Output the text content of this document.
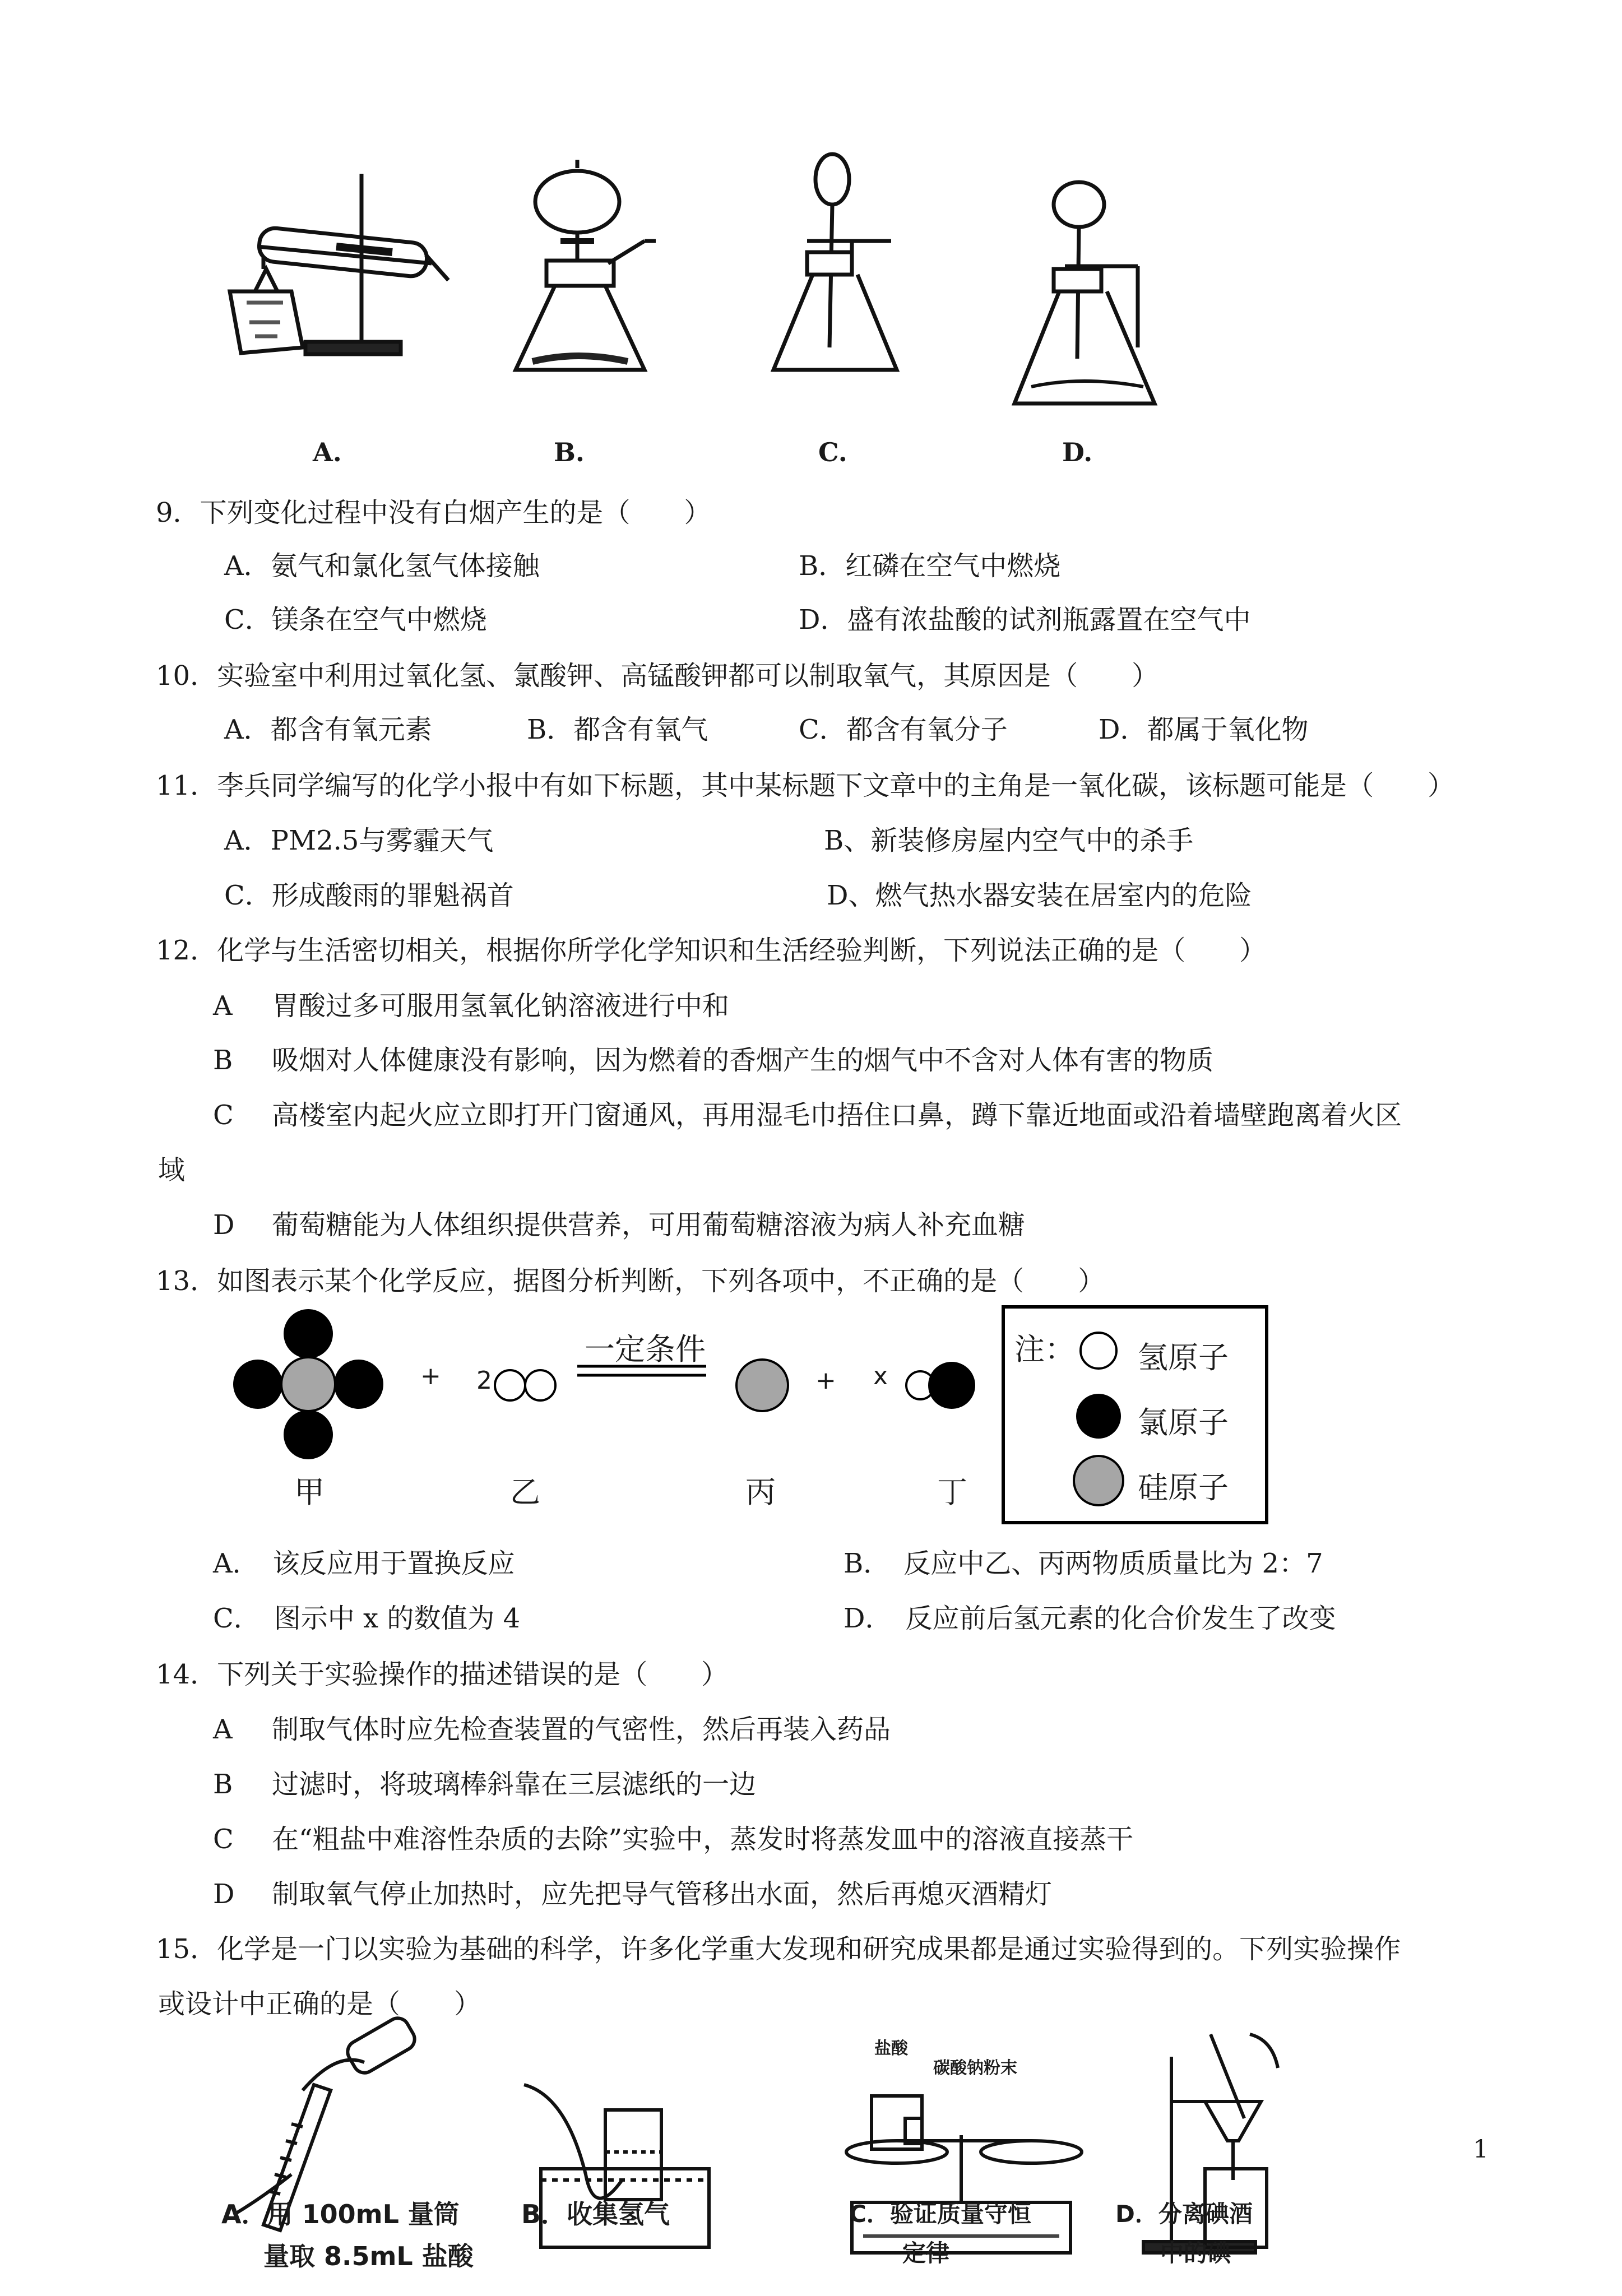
A.	B.	C.	D.
9．下列变化过程中没有白烟产生的是（　　）
A．氨气和氯化氢气体接触	B．红磷在空气中燃烧
C．镁条在空气中燃烧	D．盛有浓盐酸的试剂瓶露置在空气中
10．实验室中利用过氧化氢、氯酸钾、高锰酸钾都可以制取氧气，其原因是（　　）
A．都含有氧元素	B．都含有氧气	C．都含有氧分子	D．都属于氧化物
11．李兵同学编写的化学小报中有如下标题，其中某标题下文章中的主角是一氧化碳，该标题可能是（　　）
A．PM2.5与雾霾天气	B、新装修房屋内空气中的杀手
C．形成酸雨的罪魁祸首	D、燃气热水器安装在居室内的危险
12．化学与生活密切相关，根据你所学化学知识和生活经验判断，下列说法正确的是（　　）
A 胃酸过多可服用氢氧化钠溶液进行中和
B 吸烟对人体健康没有影响，因为燃着的香烟产生的烟气中不含对人体有害的物质
C 高楼室内起火应立即打开门窗通风，再用湿毛巾捂住口鼻，蹲下靠近地面或沿着墙壁跑离着火区
域
D 葡萄糖能为人体组织提供营养，可用葡萄糖溶液为病人补充血糖
13．如图表示某个化学反应，据图分析判断，下列各项中，不正确的是（　　）
+ 2
一定条件
+ x
甲	乙	丙	丁
注： 氢原子
氯原子
硅原子
A．　该反应用于置换反应	B．　反应中乙、丙两物质质量比为 2：7
C．　图示中 x 的数值为 4	D．　反应前后氢元素的化合价发生了改变
14．下列关于实验操作的描述错误的是（　　）
A 制取气体时应先检查装置的气密性，然后再装入药品
B 过滤时，将玻璃棒斜靠在三层滤纸的一边
C 在“粗盐中难溶性杂质的去除”实验中，蒸发时将蒸发皿中的溶液直接蒸干
D 制取氧气停止加热时，应先把导气管移出水面，然后再熄灭酒精灯
15．化学是一门以实验为基础的科学，许多化学重大发现和研究成果都是通过实验得到的。下列实验操作
或设计中正确的是（　　）
盐酸
碳酸钠粉末
A．用 100mL 量筒
量取 8.5mL 盐酸
B．收集氢气	C．验证质量守恒
定律
D．分离碘酒
中的碘
1
